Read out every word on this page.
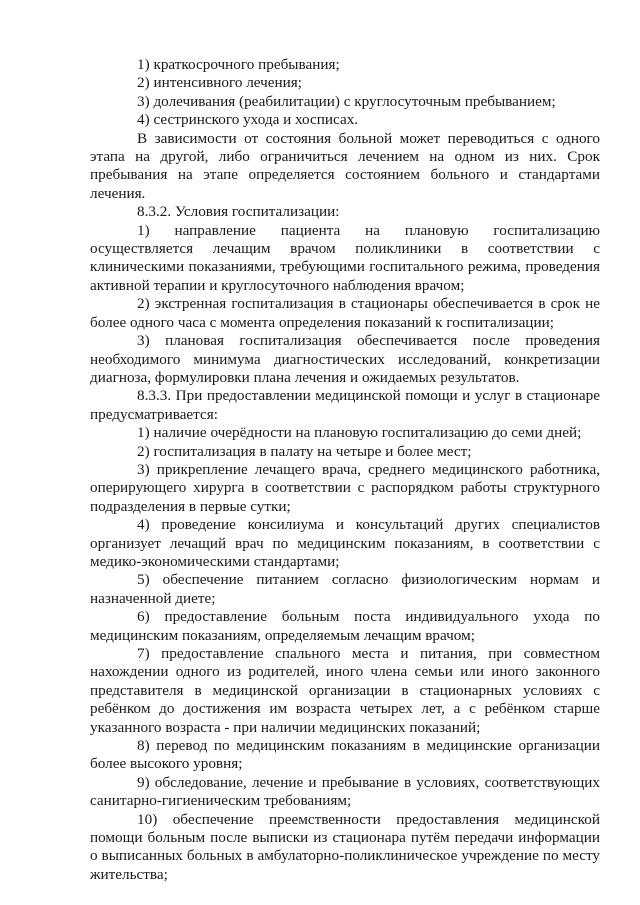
1) краткосрочного пребывания;

2) интенсивного лечения;

3) долечивания (реабилитации) с круглосуточным пребыванием;

4) сестринского ухода и хосписах.

В зависимости от состояния больной может переводиться с одного этапа на другой, либо ограничиться лечением на одном из них. Срок пребывания на этапе определяется состоянием больного и стандартами лечения.

8.3.2. Условия госпитализации:

1) направление пациента на плановую госпитализацию осуществляется лечащим врачом поликлиники в соответствии с клиническими показаниями, требующими госпитального режима, проведения активной терапии и круглосуточного наблюдения врачом;

2) экстренная госпитализация в стационары обеспечивается в срок не более одного часа с момента определения показаний к госпитализации;

3) плановая госпитализация обеспечивается после проведения необходимого минимума диагностических исследований, конкретизации диагноза, формулировки плана лечения и ожидаемых результатов.

8.3.3. При предоставлении медицинской помощи и услуг в стационаре предусматривается:

1) наличие очерёдности на плановую госпитализацию до семи дней;

2) госпитализация в палату на четыре и более мест;

3) прикрепление лечащего врача, среднего медицинского работника, оперирующего хирурга в соответствии с распорядком работы структурного подразделения в первые сутки;

4) проведение консилиума и консультаций других специалистов организует лечащий врач по медицинским показаниям, в соответствии с медико-экономическими стандартами;

5) обеспечение питанием согласно физиологическим нормам и назначенной диете;

6) предоставление больным поста индивидуального ухода по медицинским показаниям, определяемым лечащим врачом;

7) предоставление спального места и питания, при совместном нахождении одного из родителей, иного члена семьи или иного законного представителя в медицинской организации в стационарных условиях с ребёнком до достижения им возраста четырех лет, а с ребёнком старше указанного возраста - при наличии медицинских показаний;

8) перевод по медицинским показаниям в медицинские организации более высокого уровня;

9) обследование, лечение и пребывание в условиях, соответствующих санитарно-гигиеническим требованиям;

10) обеспечение преемственности предоставления медицинской помощи больным после выписки из стационара путём передачи информации о выписанных больных в амбулаторно-поликлиническое учреждение по месту жительства;
